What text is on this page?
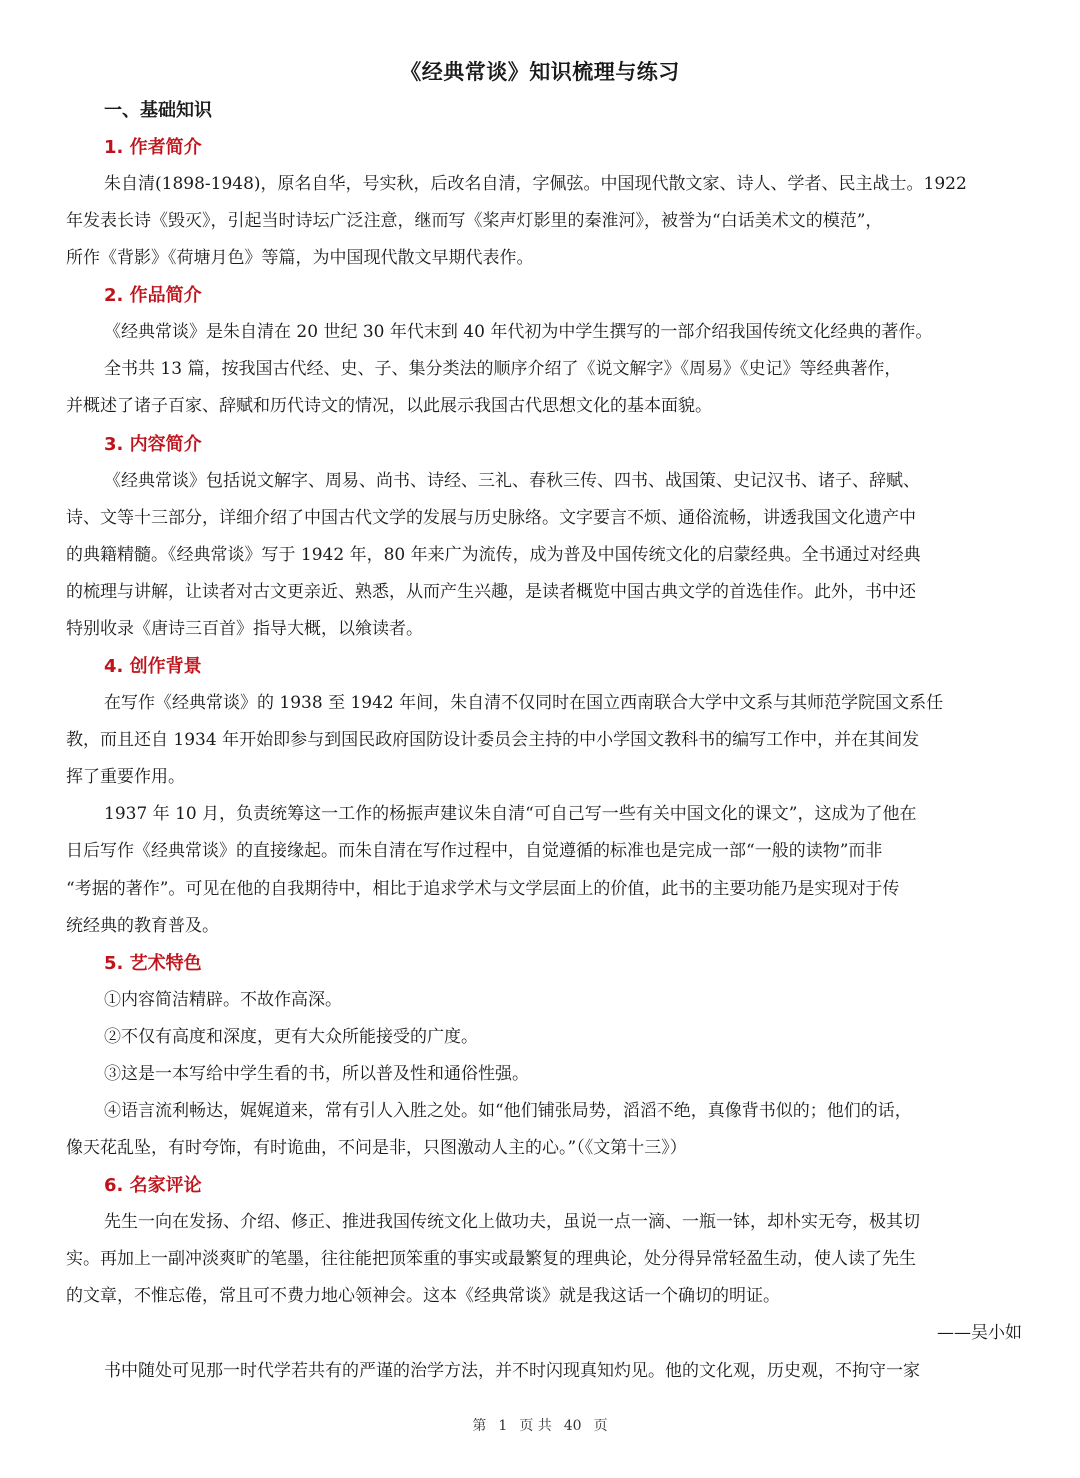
《经典常谈》知识梳理与练习
一、基础知识
1. 作者简介
朱自清(1898-1948)，原名自华，号实秋，后改名自清，字佩弦。中国现代散文家、诗人、学者、民主战士。1922
年发表长诗《毁灭》，引起当时诗坛广泛注意，继而写《桨声灯影里的秦淮河》，被誉为“白话美术文的模范”，
所作《背影》《荷塘月色》等篇，为中国现代散文早期代表作。
2. 作品简介
《经典常谈》是朱自清在 20 世纪 30 年代末到 40 年代初为中学生撰写的一部介绍我国传统文化经典的著作。
全书共 13 篇，按我国古代经、史、子、集分类法的顺序介绍了《说文解字》《周易》《史记》等经典著作，
并概述了诸子百家、辞赋和历代诗文的情况，以此展示我国古代思想文化的基本面貌。
3. 内容简介
《经典常谈》包括说文解字、周易、尚书、诗经、三礼、春秋三传、四书、战国策、史记汉书、诸子、辞赋、
诗、文等十三部分，详细介绍了中国古代文学的发展与历史脉络。文字要言不烦、通俗流畅，讲透我国文化遗产中
的典籍精髓。《经典常谈》写于 1942 年，80 年来广为流传，成为普及中国传统文化的启蒙经典。全书通过对经典
的梳理与讲解，让读者对古文更亲近、熟悉，从而产生兴趣，是读者概览中国古典文学的首选佳作。此外，书中还
特别收录《唐诗三百首》指导大概，以飨读者。
4. 创作背景
在写作《经典常谈》的 1938 至 1942 年间，朱自清不仅同时在国立西南联合大学中文系与其师范学院国文系任
教，而且还自 1934 年开始即参与到国民政府国防设计委员会主持的中小学国文教科书的编写工作中，并在其间发
挥了重要作用。
1937 年 10 月，负责统筹这一工作的杨振声建议朱自清“可自己写一些有关中国文化的课文”，这成为了他在
日后写作《经典常谈》的直接缘起。而朱自清在写作过程中，自觉遵循的标准也是完成一部“一般的读物”而非
“考据的著作”。可见在他的自我期待中，相比于追求学术与文学层面上的价值，此书的主要功能乃是实现对于传
统经典的教育普及。
5. 艺术特色
①内容简洁精辟。不故作高深。
②不仅有高度和深度，更有大众所能接受的广度。
③这是一本写给中学生看的书，所以普及性和通俗性强。
④语言流利畅达，娓娓道来，常有引人入胜之处。如“他们铺张局势，滔滔不绝，真像背书似的；他们的话，
像天花乱坠，有时夸饰，有时诡曲，不问是非，只图激动人主的心。”（《文第十三》）
6. 名家评论
先生一向在发扬、介绍、修正、推进我国传统文化上做功夫，虽说一点一滴、一瓶一钵，却朴实无夸，极其切
实。再加上一副冲淡爽旷的笔墨，往往能把顶笨重的事实或最繁复的理典论，处分得异常轻盈生动，使人读了先生
的文章，不惟忘倦，常且可不费力地心领神会。这本《经典常谈》就是我这话一个确切的明证。
——吴小如
书中随处可见那一时代学若共有的严谨的治学方法，并不时闪现真知灼见。他的文化观，历史观，不拘守一家
第 1 页 共 40 页
